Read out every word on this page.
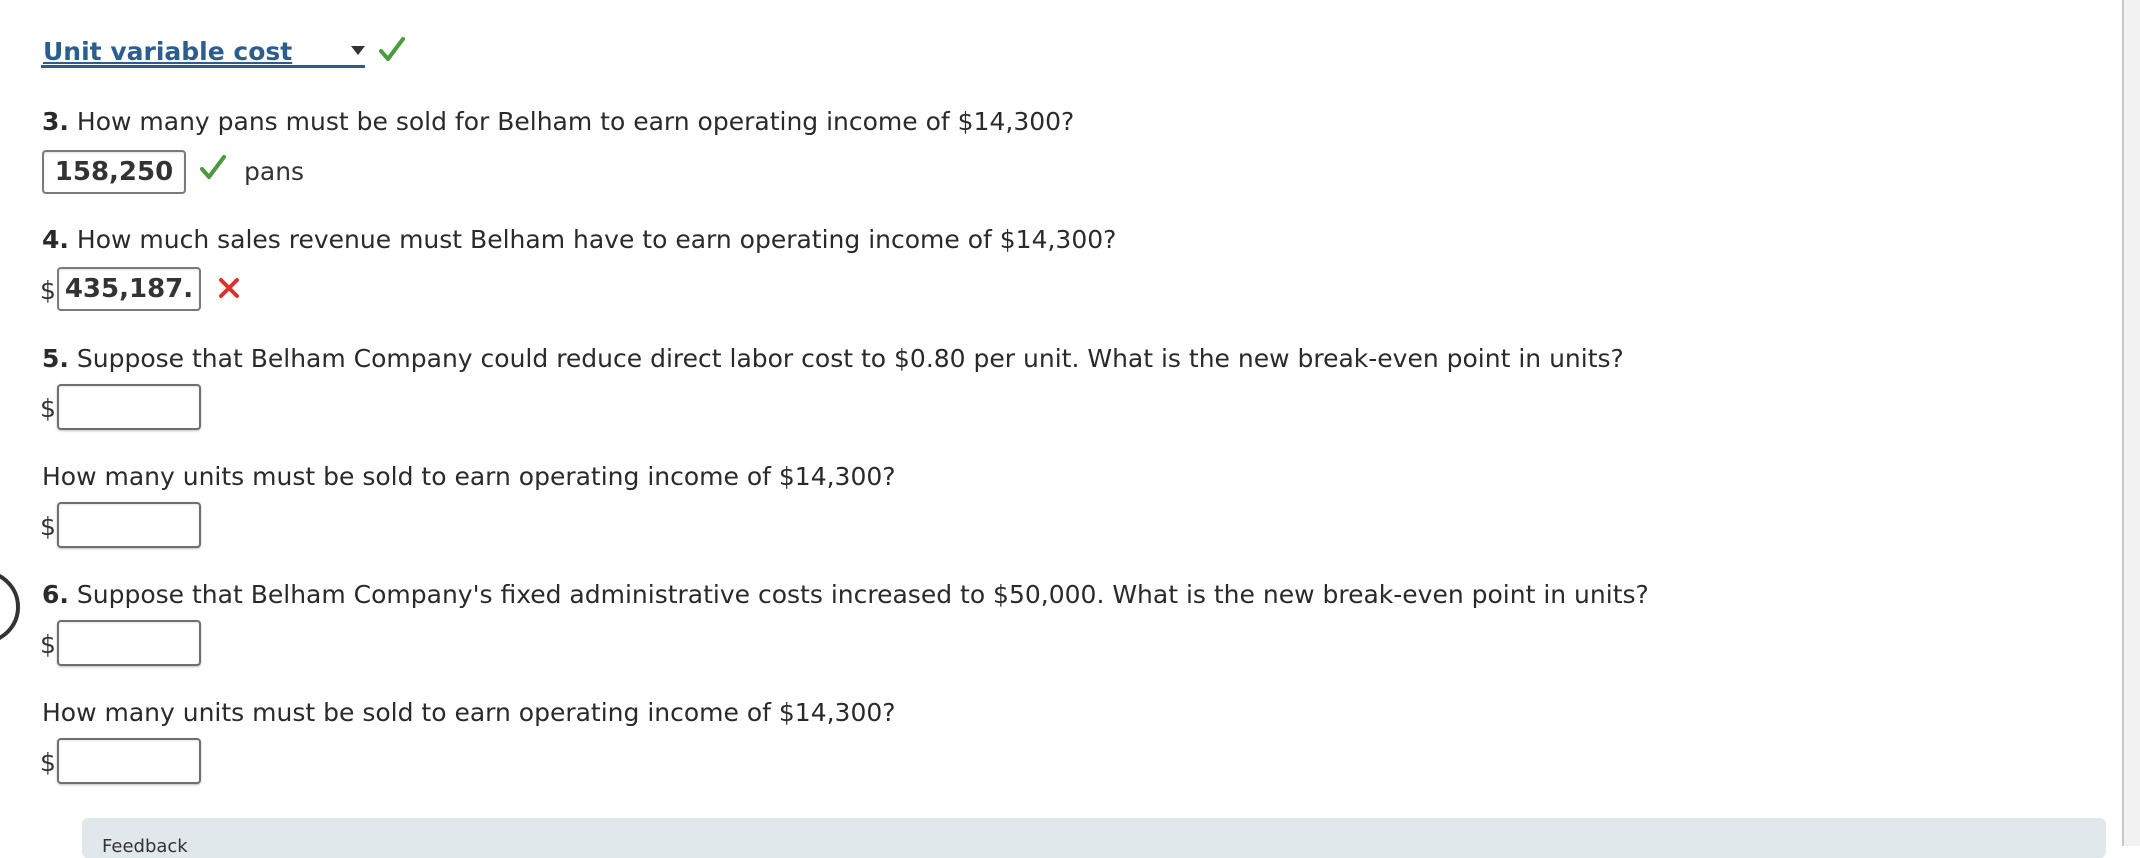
Unit variable cost
3. How many pans must be sold for Belham to earn operating income of $14,300?
158,250	pans
4. How much sales revenue must Belham have to earn operating income of $14,300?
$ 435,187.
5. Suppose that Belham Company could reduce direct labor cost to $0.80 per unit. What is the new break-even point in units?
$
How many units must be sold to earn operating income of $14,300?
$
6. Suppose that Belham Company's fixed administrative costs increased to $50,000. What is the new break-even point in units?
$
How many units must be sold to earn operating income of $14,300?
$
Feedback
